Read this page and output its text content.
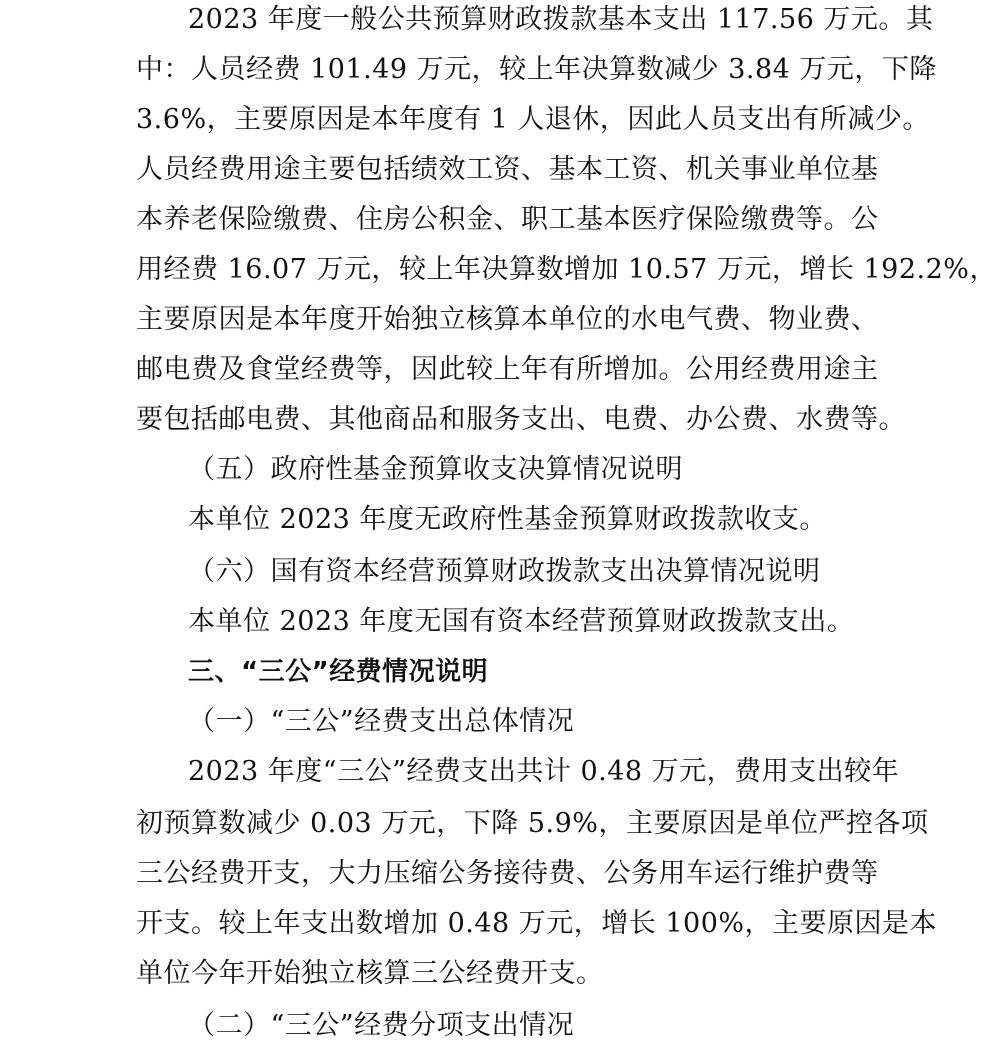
2023 年度一般公共预算财政拨款基本支出 117.56 万元。其
中：人员经费 101.49 万元，较上年决算数减少 3.84 万元，下降
3.6%，主要原因是本年度有 1 人退休，因此人员支出有所减少。
人员经费用途主要包括绩效工资、基本工资、机关事业单位基
本养老保险缴费、住房公积金、职工基本医疗保险缴费等。公
用经费 16.07 万元，较上年决算数增加 10.57 万元，增长 192.2%，
主要原因是本年度开始独立核算本单位的水电气费、物业费、
邮电费及食堂经费等，因此较上年有所增加。公用经费用途主
要包括邮电费、其他商品和服务支出、电费、办公费、水费等。
（五）政府性基金预算收支决算情况说明
本单位 2023 年度无政府性基金预算财政拨款收支。
（六）国有资本经营预算财政拨款支出决算情况说明
本单位 2023 年度无国有资本经营预算财政拨款支出。
三、“三公”经费情况说明
（一）“三公”经费支出总体情况
2023 年度“三公”经费支出共计 0.48 万元，费用支出较年
初预算数减少 0.03 万元，下降 5.9%，主要原因是单位严控各项
三公经费开支，大力压缩公务接待费、公务用车运行维护费等
开支。较上年支出数增加 0.48 万元，增长 100%，主要原因是本
单位今年开始独立核算三公经费开支。
（二）“三公”经费分项支出情况
